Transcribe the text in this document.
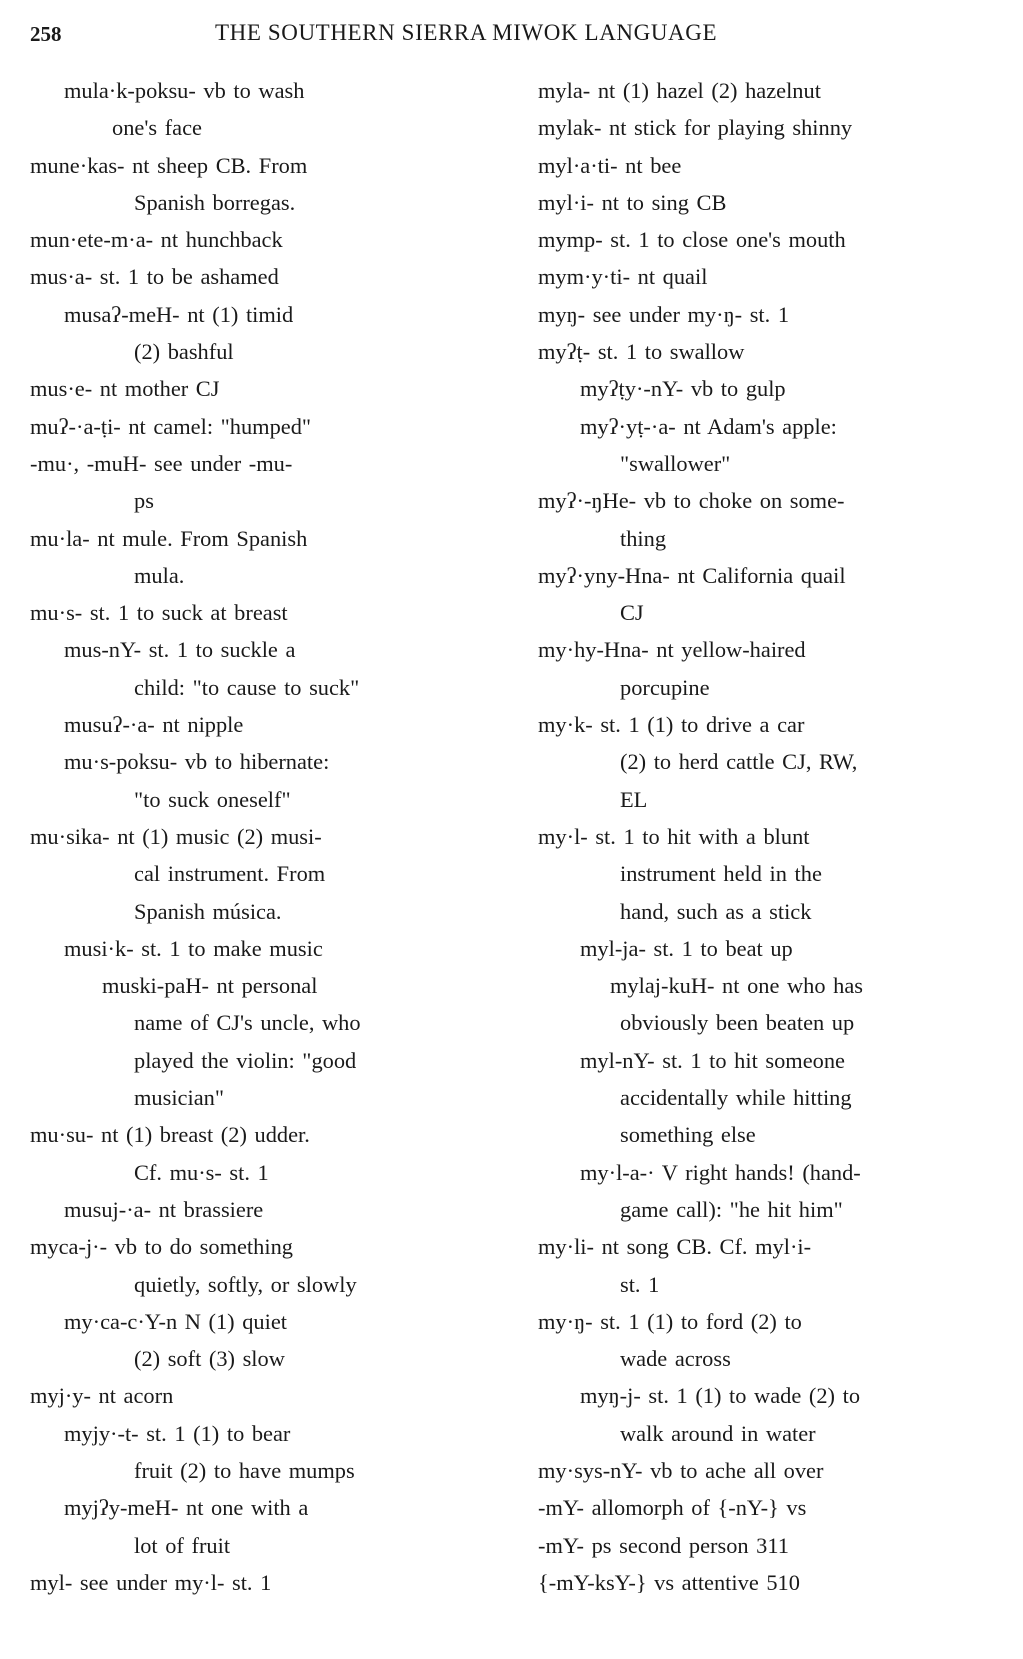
258	THE SOUTHERN SIERRA MIWOK LANGUAGE
mula·k-poksu- vb to wash
one's face
mune·kas- nt sheep CB. From
Spanish borregas.
mun·ete-m·a- nt hunchback
mus·a- st. 1 to be ashamed
musaʔ-meH- nt (1) timid
(2) bashful
mus·e- nt mother CJ
muʔ-·a-ṭi- nt camel: "humped"
-mu·, -muH- see under -mu-
ps
mu·la- nt mule. From Spanish
mula.
mu·s- st. 1 to suck at breast
mus-nY- st. 1 to suckle a
child: "to cause to suck"
musuʔ-·a- nt nipple
mu·s-poksu- vb to hibernate:
"to suck oneself"
mu·sika- nt (1) music (2) musi-
cal instrument. From
Spanish música.
musi·k- st. 1 to make music
muski-paH- nt personal
name of CJ's uncle, who
played the violin: "good
musician"
mu·su- nt (1) breast (2) udder.
Cf. mu·s- st. 1
musuj-·a- nt brassiere
myca-j·- vb to do something
quietly, softly, or slowly
my·ca-c·Y-n N (1) quiet
(2) soft (3) slow
myj·y- nt acorn
myjy·-t- st. 1 (1) to bear
fruit (2) to have mumps
myjʔy-meH- nt one with a
lot of fruit
myl- see under my·l- st. 1
myla- nt (1) hazel (2) hazelnut
mylak- nt stick for playing shinny
myl·a·ti- nt bee
myl·i- nt to sing CB
mymp- st. 1 to close one's mouth
mym·y·ti- nt quail
myŋ- see under my·ŋ- st. 1
myʔṭ- st. 1 to swallow
myʔṭy·-nY- vb to gulp
myʔ·yṭ-·a- nt Adam's apple:
"swallower"
myʔ·-ŋHe- vb to choke on some-
thing
myʔ·yny-Hna- nt California quail
CJ
my·hy-Hna- nt yellow-haired
porcupine
my·k- st. 1 (1) to drive a car
(2) to herd cattle CJ, RW,
EL
my·l- st. 1 to hit with a blunt
instrument held in the
hand, such as a stick
myl-ja- st. 1 to beat up
mylaj-kuH- nt one who has
obviously been beaten up
myl-nY- st. 1 to hit someone
accidentally while hitting
something else
my·l-a-· V right hands! (hand-
game call): "he hit him"
my·li- nt song CB. Cf. myl·i-
st. 1
my·ŋ- st. 1 (1) to ford (2) to
wade across
myŋ-j- st. 1 (1) to wade (2) to
walk around in water
my·sys-nY- vb to ache all over
-mY- allomorph of {-nY-} vs
-mY- ps second person 311
{-mY-ksY-} vs attentive 510
